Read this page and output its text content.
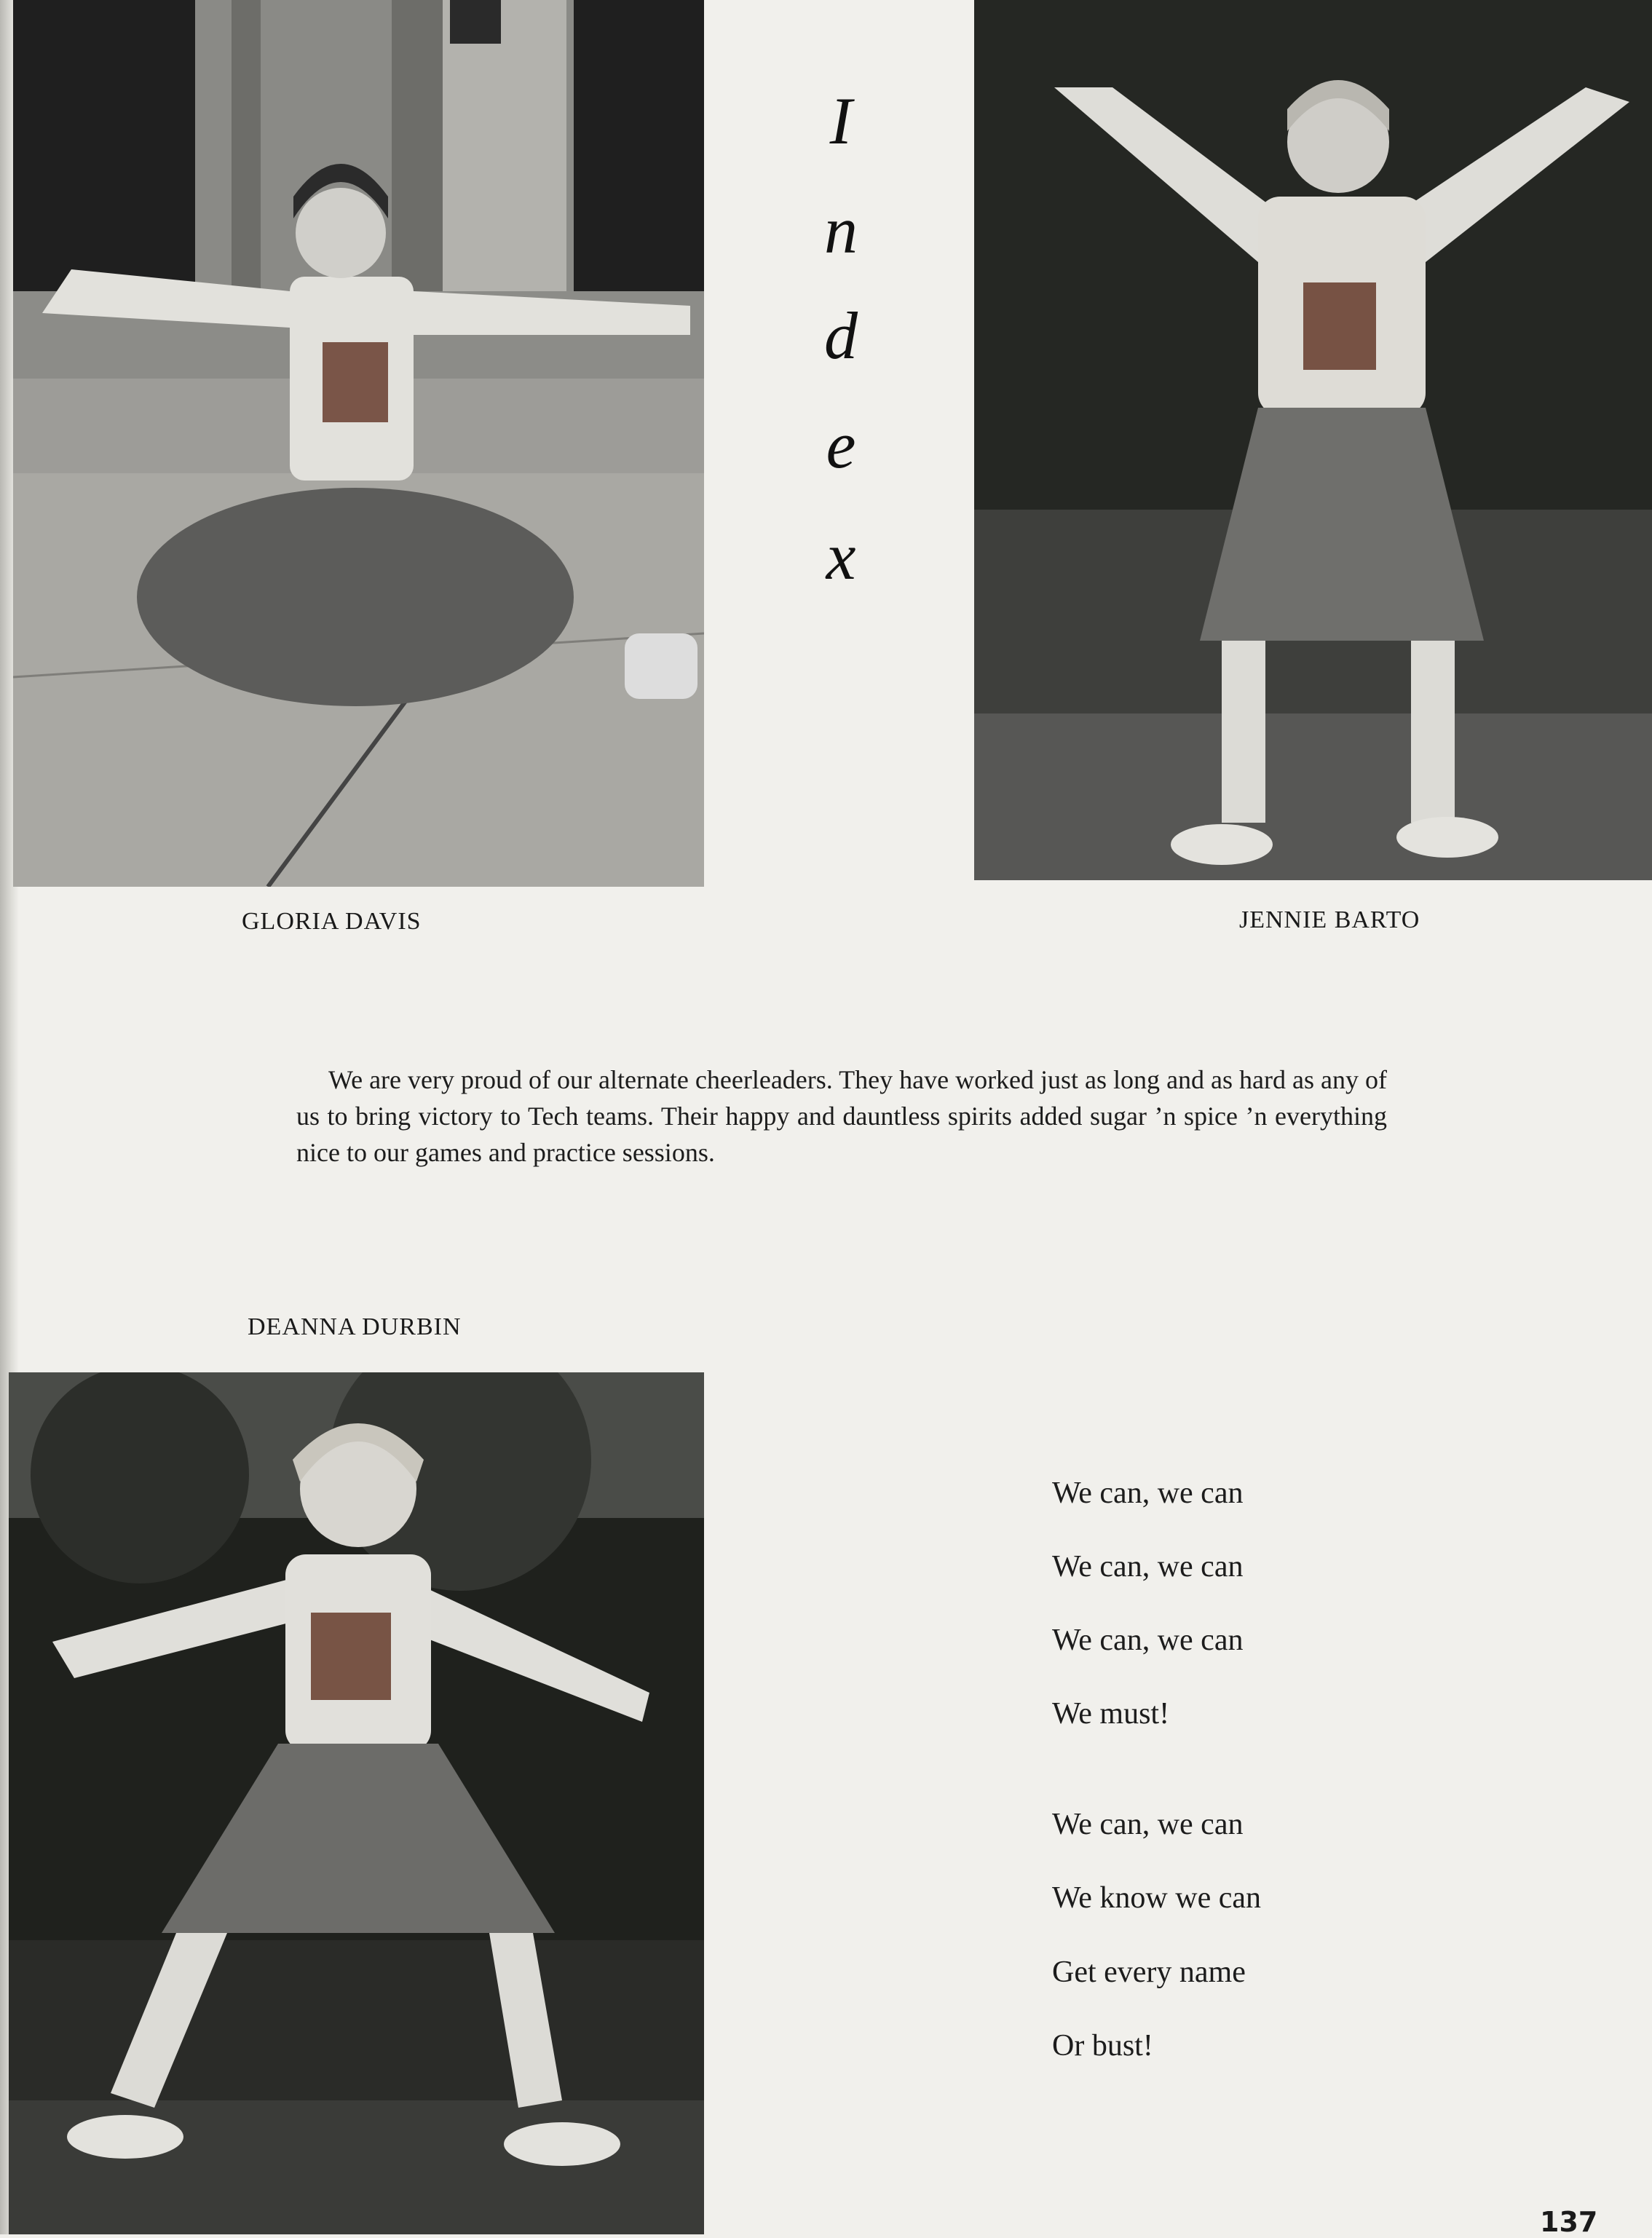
I
n
d
e
x
GLORIA DAVIS	JENNIE BARTO
DEANNA DURBIN

We are very proud of our alternate cheerleaders. They have worked just as long and as hard as any of us to bring victory to Tech teams. Their happy and dauntless spirits added sugar ’n spice ’n everything nice to our games and practice sessions.

We can, we can

We can, we can

We can, we can

We must!

We can, we can

We know we can

Get every name

Or bust!

137
